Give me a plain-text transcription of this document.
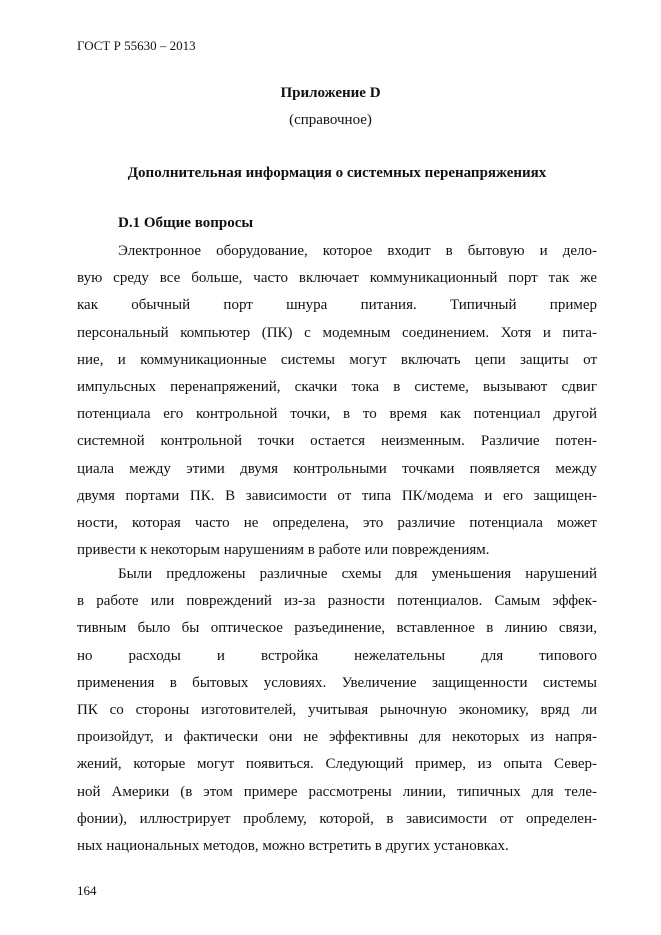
ГОСТ Р 55630 – 2013
Приложение D
(справочное)
Дополнительная информация о системных перенапряжениях
D.1 Общие вопросы
Электронное оборудование, которое входит в бытовую и дело-
вую среду все больше, часто включает коммуникационный порт так же
как обычный порт шнура питания. Типичный пример
персональный компьютер (ПК) с модемным соединением. Хотя и пита-
ние, и коммуникационные системы могут включать цепи защиты от
импульсных перенапряжений, скачки тока в системе, вызывают сдвиг
потенциала его контрольной точки, в то время как потенциал другой
системной контрольной точки остается неизменным. Различие потен-
циала между этими двумя контрольными точками появляется между
двумя портами ПК. В зависимости от типа ПК/модема и его защищен-
ности, которая часто не определена, это различие потенциала может
привести к некоторым нарушениям в работе или повреждениям.
Были предложены различные схемы для уменьшения нарушений
в работе или повреждений из-за разности потенциалов. Самым эффек-
тивным было бы оптическое разъединение, вставленное в линию связи,
но расходы и встройка нежелательны для типового
применения в бытовых условиях. Увеличение защищенности системы
ПК со стороны изготовителей, учитывая рыночную экономику, вряд ли
произойдут, и фактически они не эффективны для некоторых из напря-
жений, которые могут появиться. Следующий пример, из опыта Север-
ной Америки (в этом примере рассмотрены линии, типичных для теле-
фонии), иллюстрирует проблему, которой, в зависимости от определен-
ных национальных методов, можно встретить в других установках.
164
